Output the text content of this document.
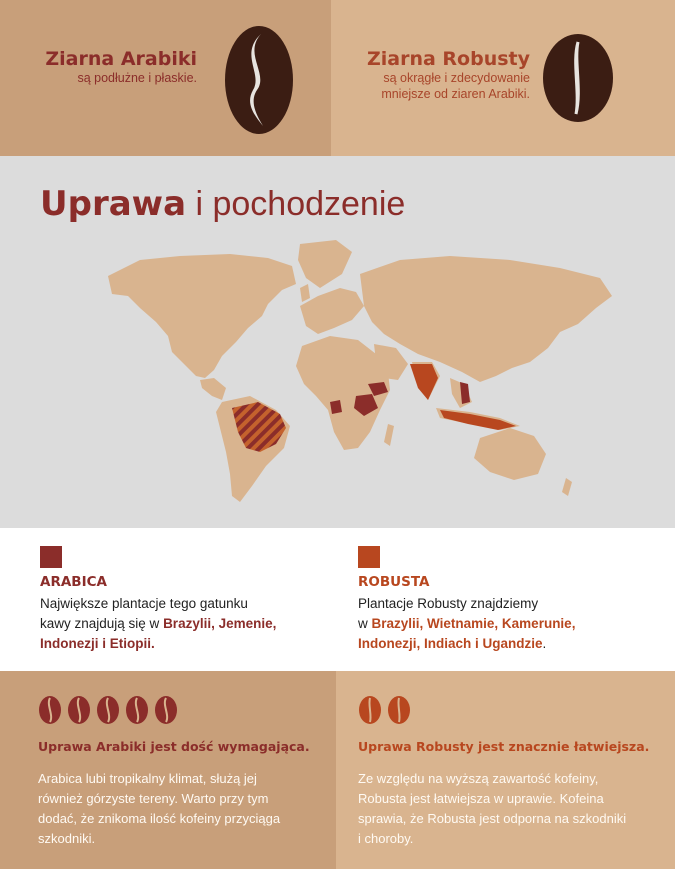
Ziarna Arabiki
są podłużne i płaskie.
Ziarna Robusty
są okrągłe i zdecydowanie
mniejsze od ziaren Arabiki.
Uprawa i pochodzenie
ARABICA
Największe plantacje tego gatunku
kawy znajdują się w Brazylii, Jemenie,
Indonezji i Etiopii.
ROBUSTA
Plantacje Robusty znajdziemy
w Brazylii, Wietnamie, Kamerunie,
Indonezji, Indiach i Ugandzie.
Uprawa Arabiki jest dość wymagająca.
Arabica lubi tropikalny klimat, służą jej
również górzyste tereny. Warto przy tym
dodać, że znikoma ilość kofeiny przyciąga
szkodniki.
Uprawa Robusty jest znacznie łatwiejsza.
Ze względu na wyższą zawartość kofeiny,
Robusta jest łatwiejsza w uprawie. Kofeina
sprawia, że Robusta jest odporna na szkodniki
i choroby.
